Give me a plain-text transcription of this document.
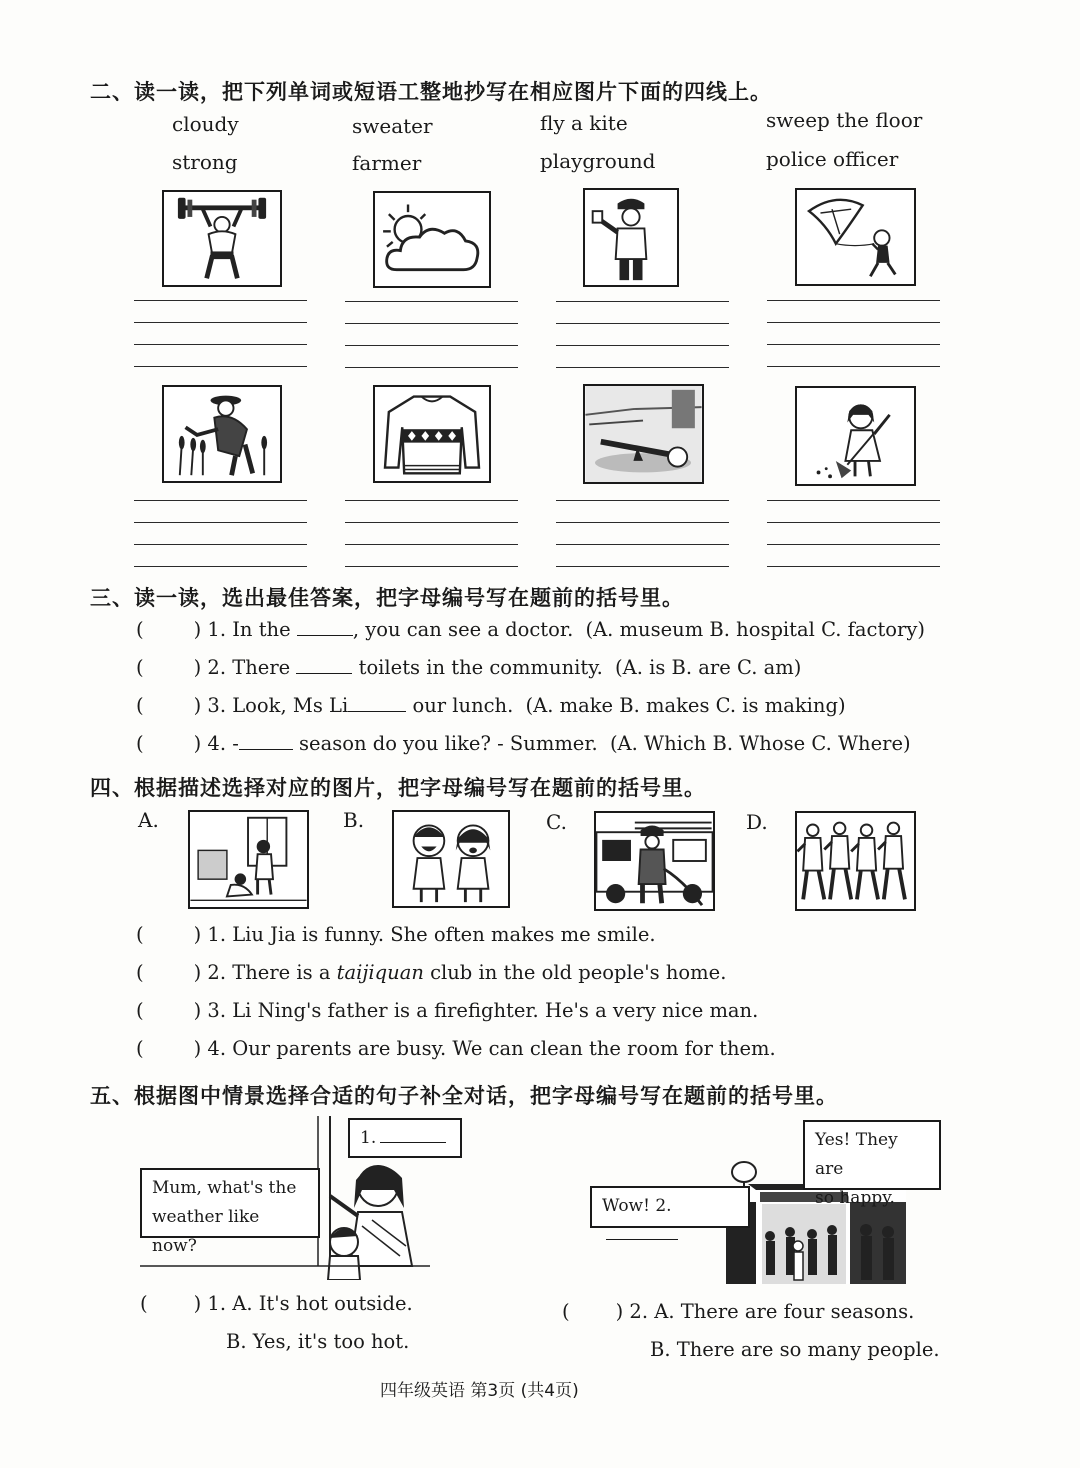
二、读一读，把下列单词或短语工整地抄写在相应图片下面的四线上。
cloudy	sweater	fly a kite	sweep the floor
strong	farmer	playground	police officer
三、读一读，选出最佳答案，把字母编号写在题前的括号里。
(	) 1. In the	, you can see a doctor. (A. museum B. hospital C. factory)
(	) 2. There	toilets in the community. (A. is B. are C. am)
(	) 3. Look, Ms Li	our lunch. (A. make B. makes C. is making)
(	) 4. -	season do you like? - Summer. (A. Which B. Whose C. Where)
四、根据描述选择对应的图片，把字母编号写在题前的括号里。
A.	B.	C.	D.
(	) 1. Liu Jia is funny. She often makes me smile.
(	) 2. There is a taijiquan club in the old people's home.
(	) 3. Li Ning's father is a firefighter. He's a very nice man.
(	) 4. Our parents are busy. We can clean the room for them.
五、根据图中情景选择合适的句子补全对话，把字母编号写在题前的括号里。
Mum, what's the
weather like now?
1.
Wow! 2.
Yes! They are
so happy.
( ) 1. A. It's hot outside.
B. Yes, it's too hot.
( ) 2. A. There are four seasons.
B. There are so many people.
四年级英语 第3页 (共4页)
